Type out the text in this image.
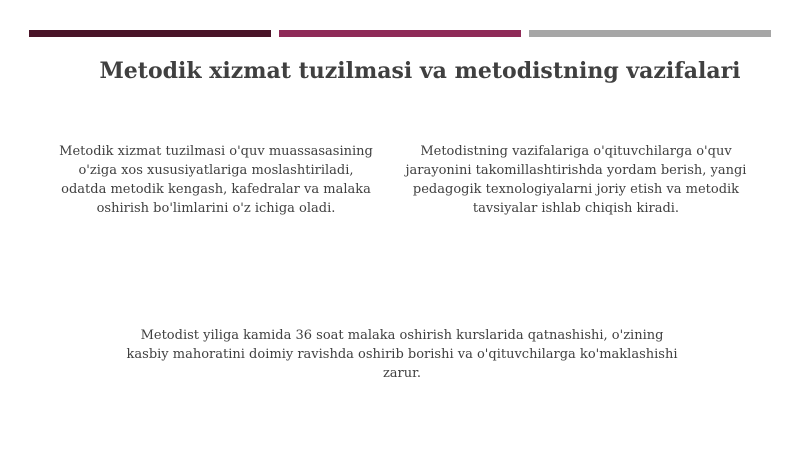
Metodik xizmat tuzilmasi va metodistning vazifalari
Metodik xizmat tuzilmasi o'quv muassasasining o'ziga xos xususiyatlariga moslashtiriladi, odatda metodik kengash, kafedralar va malaka oshirish bo'limlarini o'z ichiga oladi.
Metodistning vazifalariga o'qituvchilarga o'quv jarayonini takomillashtirishda yordam berish, yangi pedagogik texnologiyalarni joriy etish va metodik tavsiyalar ishlab chiqish kiradi.
Metodist yiliga kamida 36 soat malaka oshirish kurslarida qatnashishi, o'zining kasbiy mahoratini doimiy ravishda oshirib borishi va o'qituvchilarga ko'maklashishi zarur.
